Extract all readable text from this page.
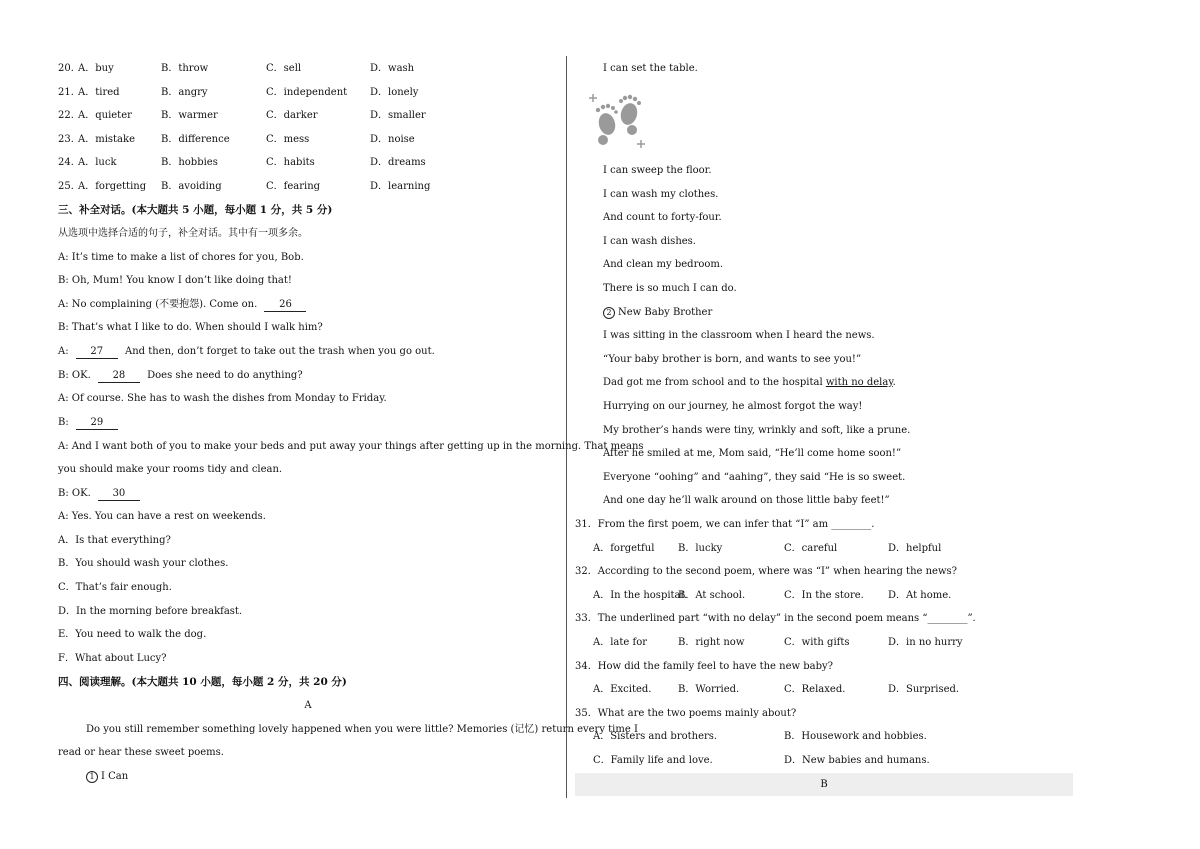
20．
A．buy	B．throw	C．sell	D．wash
21．
A．tired	B．angry	C．independent D．lonely
22．
A．quieter	B．warmer	C．darker	D．smaller
23．
A．mistake	B．difference	C．mess	D．noise
24．
A．luck	B．hobbies	C．habits	D．dreams
25．
A．forgetting B．avoiding	C．fearing	D．learning
三、补全对话。(本大题共 5 小题，每小题 1 分，共 5 分)
从选项中选择合适的句子，补全对话。其中有一项多余。
A: It’s time to make a list of chores for you, Bob.
B: Oh, Mum! You know I don’t like doing that!
A: No complaining (不要抱怨). Come on. 26
B: That’s what I like to do. When should I walk him?
A: 27 And then, don’t forget to take out the trash when you go out.
B: OK. 28 Does she need to do anything?
A: Of course. She has to wash the dishes from Monday to Friday.
B: 29
A: And I want both of you to make your beds and put away your things after getting up in the morning. That means
you should make your rooms tidy and clean.
B: OK. 30
A: Yes. You can have a rest on weekends.
A．Is that everything?
B．You should wash your clothes.
C．That’s fair enough.
D．In the morning before breakfast.
E．You need to walk the dog.
F．What about Lucy?
四、阅读理解。(本大题共 10 小题，每小题 2 分，共 20 分)
A
Do you still remember something lovely happened when you were little? Memories (记忆) return every time I
read or hear these sweet poems.
1 I Can
I can set the table.
I can sweep the floor.
I can wash my clothes.
And count to forty-four.
I can wash dishes.
And clean my bedroom.
There is so much I can do.
2 New Baby Brother
I was sitting in the classroom when I heard the news.
“Your baby brother is born, and wants to see you!”
Dad got me from school and to the hospital with no delay.
Hurrying on our journey, he almost forgot the way!
My brother’s hands were tiny, wrinkly and soft, like a prune.
After he smiled at me, Mom said, “He’ll come home soon!”
Everyone “oohing” and “aahing”, they said “He is so sweet.
And one day he’ll walk around on those little baby feet!”
31．From the first poem, we can infer that “I” am ________.
A．forgetful B．lucky	C．careful	D．helpful
32．According to the second poem, where was “I” when hearing the news?
A．In the hospital.
B．At school.	C．In the store. D．At home.
33．The underlined part “with no delay” in the second poem means “________”.
A．late for	B．right now	C．with gifts	D．in no hurry
34．How did the family feel to have the new baby?
A．Excited.	B．Worried.	C．Relaxed.	D．Surprised.
35．What are the two poems mainly about?
A．Sisters and brothers.	B．Housework and hobbies.
C．Family life and love.	D．New babies and humans.
B
